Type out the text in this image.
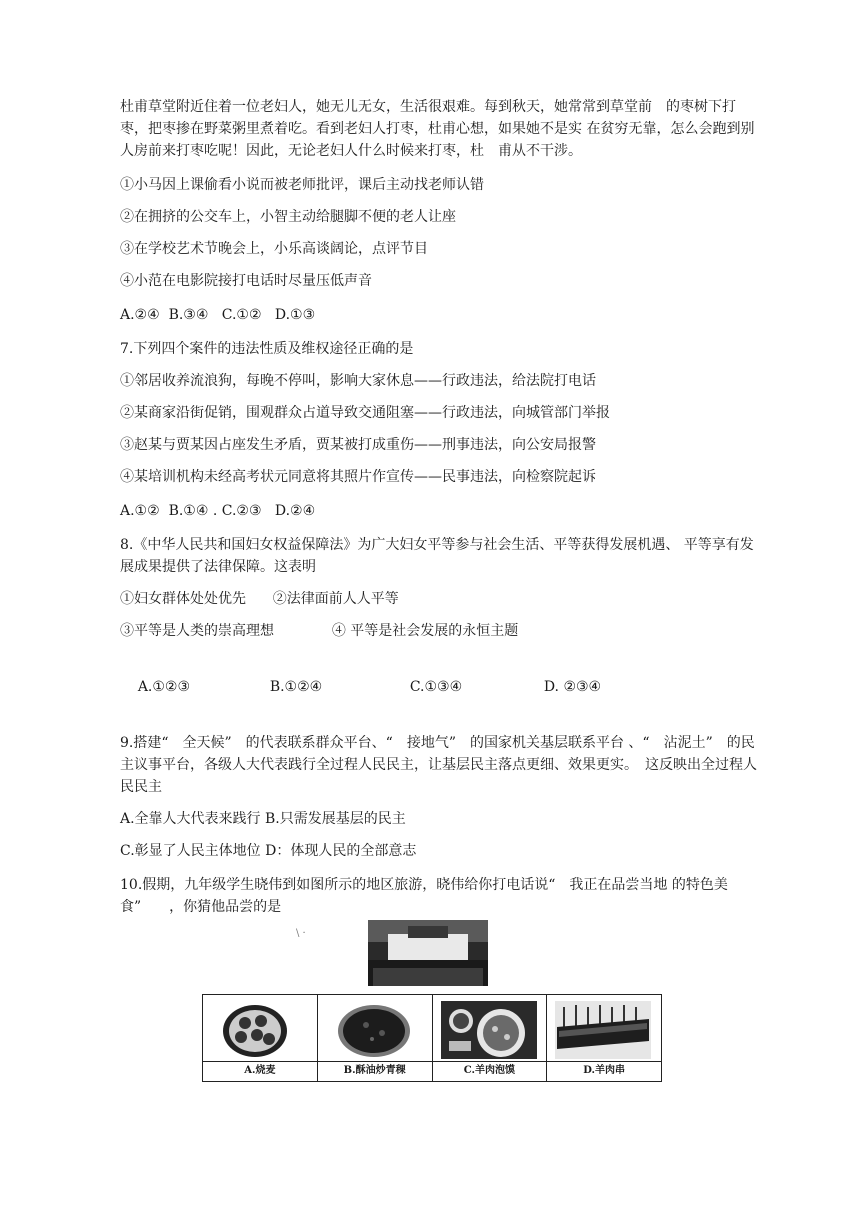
杜甫草堂附近住着一位老妇人，她无儿无女，生活很艰难。每到秋天，她常常到草堂前　的枣树下打　枣，把枣掺在野菜粥里煮着吃。看到老妇人打枣，杜甫心想，如果她不是实 在贫穷无靠，怎么会跑到别人房前来打枣吃呢！因此，无论老妇人什么时候来打枣，杜　甫从不干涉。

①小马因上课偷看小说而被老师批评，课后主动找老师认错

②在拥挤的公交车上，小智主动给腿脚不便的老人让座

③在学校艺术节晚会上，小乐高谈阔论，点评节目

④小范在电影院接打电话时尽量压低声音

A.②④  B.③④   C.①②   D.①③

7.下列四个案件的违法性质及维权途径正确的是

①邻居收养流浪狗，每晚不停叫，影响大家休息——行政违法，给法院打电话

②某商家沿街促销，围观群众占道导致交通阻塞——行政违法，向城管部门举报

③赵某与贾某因占座发生矛盾，贾某被打成重伤——刑事违法，向公安局报警

④某培训机构未经高考状元同意将其照片作宣传——民事违法，向检察院起诉

A.①②  B.①④ . C.②③   D.②④

8.《中华人民共和国妇女权益保障法》为广大妇女平等参与社会生活、平等获得发展机遇、 平等享有发展成果提供了法律保障。这表明

①妇女群体处处优先      ②法律面前人人平等

③平等是人类的崇高理想             ④ 平等是社会发展的永恒主题

A.①②③	B.①②④	C.①③④	D. ②③④

9.搭建“　全天候”　的代表联系群众平台、“　接地气”　的国家机关基层联系平台 、“　沾泥土”　的民主议事平台，各级人大代表践行全过程人民民主，让基层民主落点更细、效果更实。　这反映出全过程人民民主

A.全靠人大代表来践行 B.只需发展基层的民主

C.彰显了人民主体地位 D：体现人民的全部意志

10.假期，九年级学生晓伟到如图所示的地区旅游，晓伟给你打电话说“　我正在品尝当地 的特色美食”　　，你猜他品尝的是

\ ·
A.烧麦	B.酥油炒青稞	C.羊肉泡馍	D.羊肉串
